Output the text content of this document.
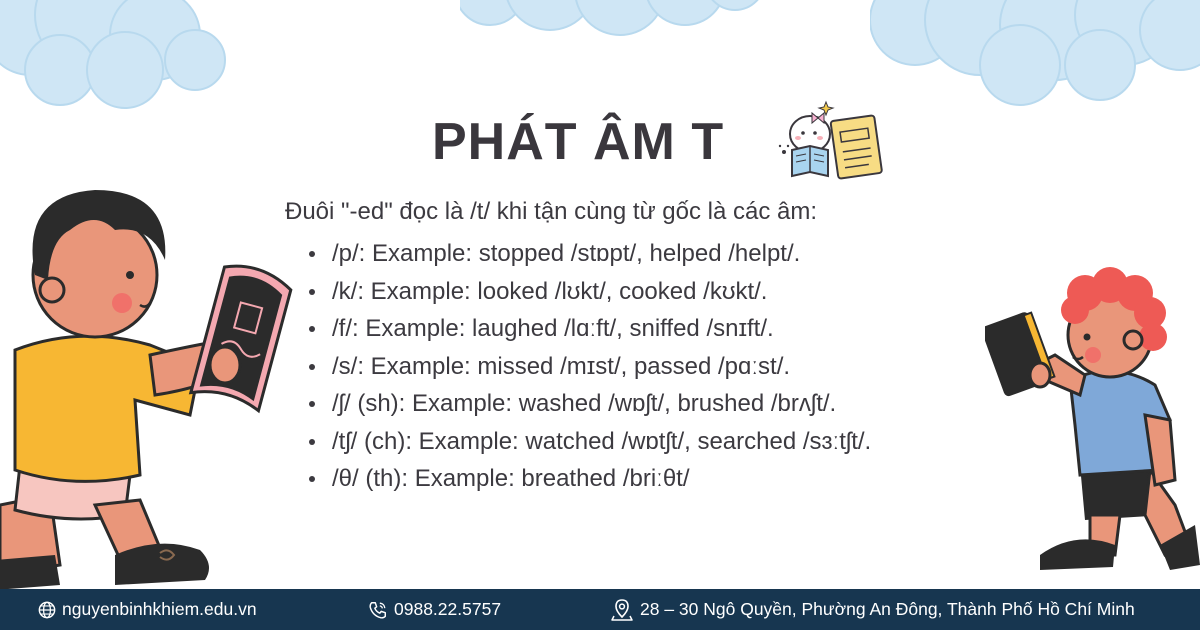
PHÁT ÂM T
Đuôi "-ed" đọc là /t/ khi tận cùng từ gốc là các âm:
/p/: Example: stopped /stɒpt/, helped /helpt/.
/k/: Example: looked /lʊkt/, cooked /kʊkt/.
/f/: Example: laughed /lɑːft/, sniffed /snɪft/.
/s/: Example: missed /mɪst/, passed /pɑːst/.
/ʃ/ (sh): Example: washed /wɒʃt/, brushed /brʌʃt/.
/tʃ/ (ch): Example: watched /wɒtʃt/, searched /sɜːtʃt/.
/θ/ (th): Example: breathed /briːθt/
nguyenbinhkhiem.edu.vn	0988.22.5757	28 – 30 Ngô Quyền, Phường An Đông, Thành Phố Hồ Chí Minh
